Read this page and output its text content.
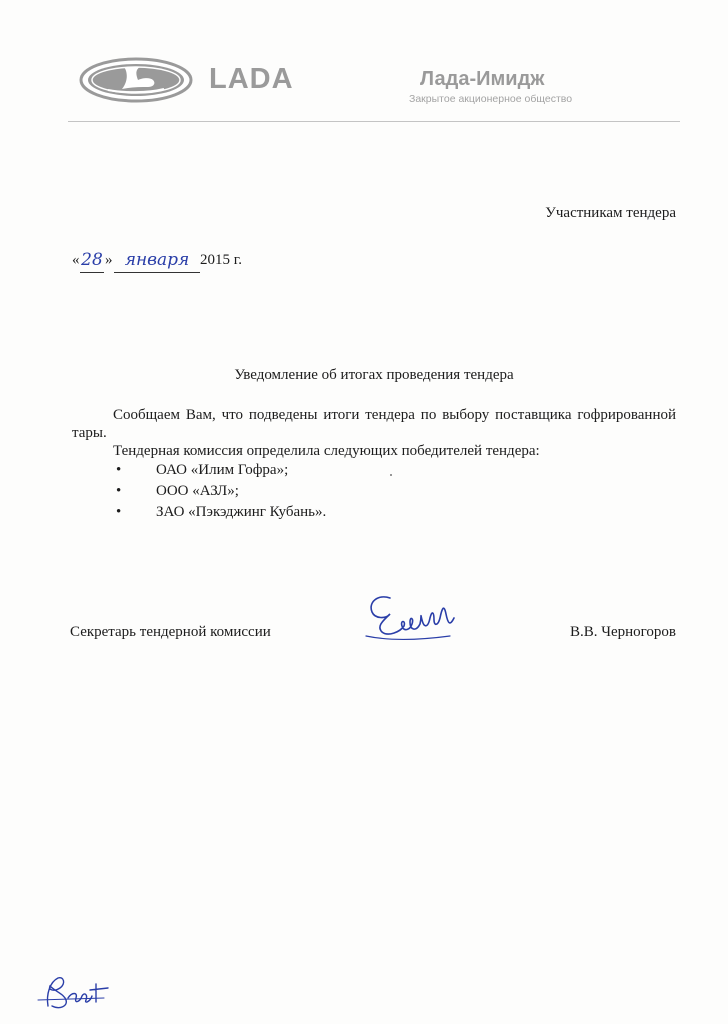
LADA	Лада-Имидж
Закрытое акционерное общество
Участникам тендера
« 28 » января 2015 г.
Уведомление об итогах проведения тендера

Сообщаем Вам, что подведены итоги тендера по выбору поставщика гофрированной тары.

Тендерная комиссия определила следующих победителей тендера:

• ОАО «Илим Гофра»;
• ООО «АЗЛ»;
• ЗАО «Пэкэджинг Кубань».
Секретарь тендерной комиссии	В.В. Черногоров
